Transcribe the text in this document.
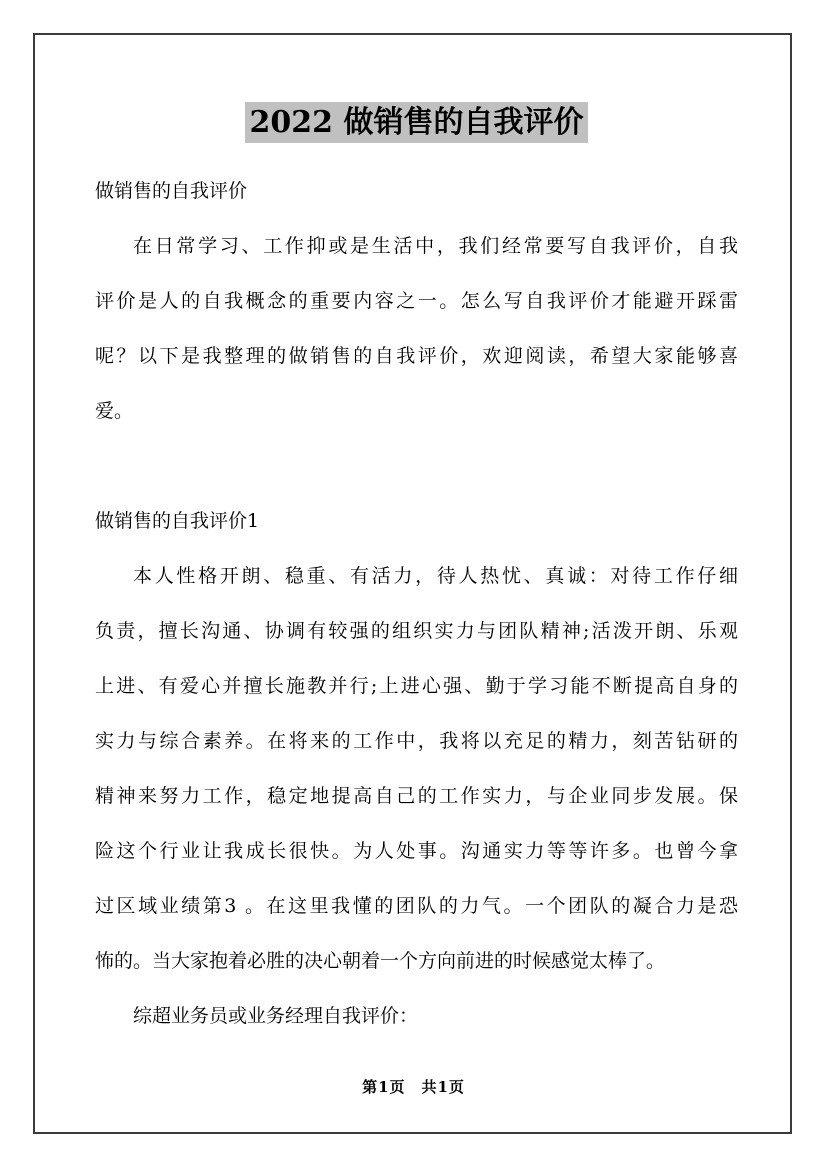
2022 做销售的自我评价
做销售的自我评价
在日常学习、工作抑或是生活中，我们经常要写自我评价，自我
评价是人的自我概念的重要内容之一。怎么写自我评价才能避开踩雷
呢？以下是我整理的做销售的自我评价，欢迎阅读，希望大家能够喜
爱。
做销售的自我评价1
本人性格开朗、稳重、有活力，待人热忧、真诚：对待工作仔细
负责，擅长沟通、协调有较强的组织实力与团队精神;活泼开朗、乐观
上进、有爱心并擅长施教并行;上进心强、勤于学习能不断提高自身的
实力与综合素养。在将来的工作中，我将以充足的精力，刻苦钻研的
精神来努力工作，稳定地提高自己的工作实力，与企业同步发展。保
险这个行业让我成长很快。为人处事。沟通实力等等许多。也曾今拿
过区域业绩第3 。在这里我懂的团队的力气。一个团队的凝合力是恐
怖的。当大家抱着必胜的决心朝着一个方向前进的时候感觉太棒了。
综超业务员或业务经理自我评价：
第1页　共1页
